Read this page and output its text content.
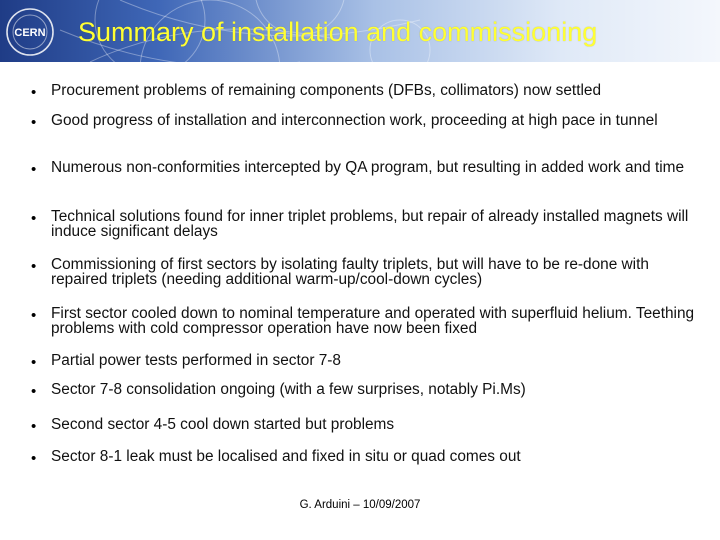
CERN Summary of installation and commissioning
• Procurement problems of remaining components (DFBs, collimators) now settled
• Good progress of installation and interconnection work, proceeding at high pace in tunnel
• Numerous non-conformities intercepted by QA program, but resulting in added work and time
• Technical solutions found for inner triplet problems, but repair of already installed magnets will induce significant delays
• Commissioning of first sectors by isolating faulty triplets, but will have to be re-done with repaired triplets (needing additional warm-up/cool-down cycles)
• First sector cooled down to nominal temperature and operated with superfluid helium. Teething problems with cold compressor operation have now been fixed
• Partial power tests performed in sector 7-8
• Sector 7-8 consolidation ongoing (with a few surprises, notably Pi.Ms)
• Second sector 4-5 cool down started but problems
• Sector 8-1 leak must be localised and fixed in situ or quad comes out
G. Arduini – 10/09/2007
